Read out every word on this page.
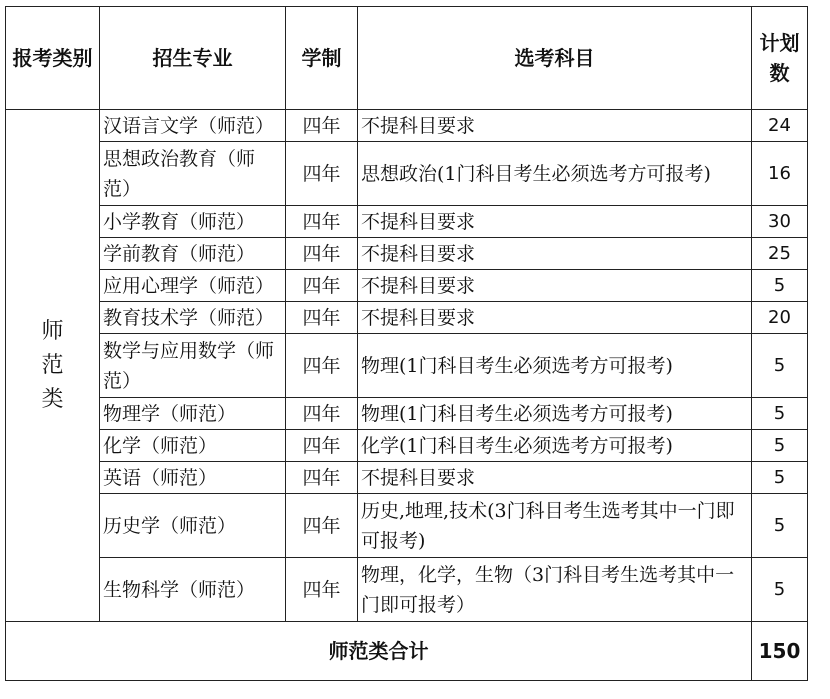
报考类别	招生专业	学制	选考科目	计划数

师
范
类	汉语言文学（师范）	四年	不提科目要求	24
	思想政治教育（师范）	四年	思想政治(1门科目考生必须选考方可报考)	16
	小学教育（师范）	四年	不提科目要求	30
	学前教育（师范）	四年	不提科目要求	25
	应用心理学（师范）	四年	不提科目要求	5
	教育技术学（师范）	四年	不提科目要求	20
	数学与应用数学（师范）	四年	物理(1门科目考生必须选考方可报考)	5
	物理学（师范）	四年	物理(1门科目考生必须选考方可报考)	5
	化学（师范）	四年	化学(1门科目考生必须选考方可报考)	5
	英语（师范）	四年	不提科目要求	5
	历史学（师范）	四年	历史,地理,技术(3门科目考生选考其中一门即可报考)	5
	生物科学（师范）	四年	物理，化学，生物（3门科目考生选考其中一门即可报考）	5
师范类合计				150
